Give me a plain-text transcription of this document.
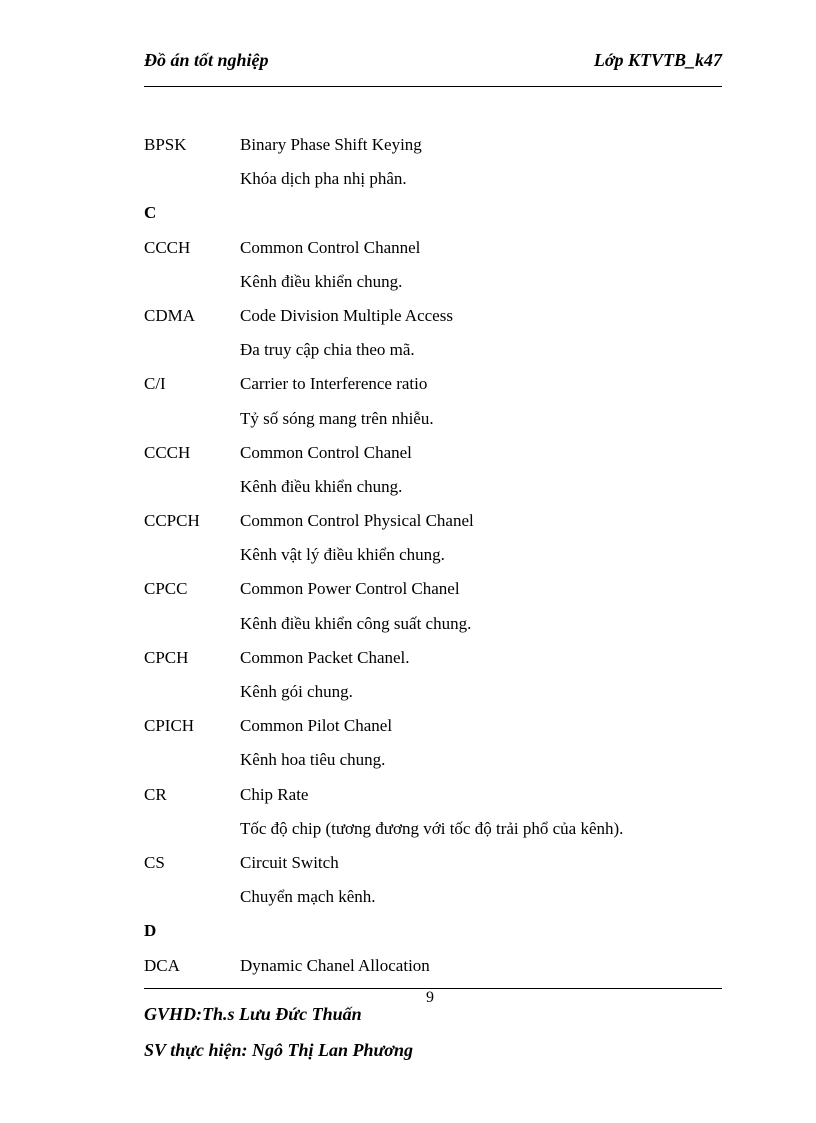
Đồ án tốt nghiệp	Lớp KTVTB_k47
BPSK	Binary Phase Shift Keying
Khóa dịch pha nhị phân.
C
CCCH	Common Control Channel
Kênh điều khiển chung.
CDMA	Code Division Multiple Access
Đa truy cập chia theo mã.
C/I	Carrier to Interference ratio
Tỷ số sóng mang trên nhiễu.
CCCH	Common Control Chanel
Kênh điều khiển chung.
CCPCH Common Control Physical Chanel
Kênh vật lý điều khiển chung.
CPCC	Common Power Control Chanel
Kênh điều khiển công suất chung.
CPCH	Common Packet Chanel.
Kênh gói chung.
CPICH	Common Pilot Chanel
Kênh hoa tiêu chung.
CR	Chip Rate
Tốc độ chip (tương đương với tốc độ trải phổ của kênh).
CS	Circuit Switch
Chuyển mạch kênh.
D
DCA	Dynamic Chanel Allocation
9
GVHD:Th.s Lưu Đức Thuấn
SV thực hiện: Ngô Thị Lan Phương
